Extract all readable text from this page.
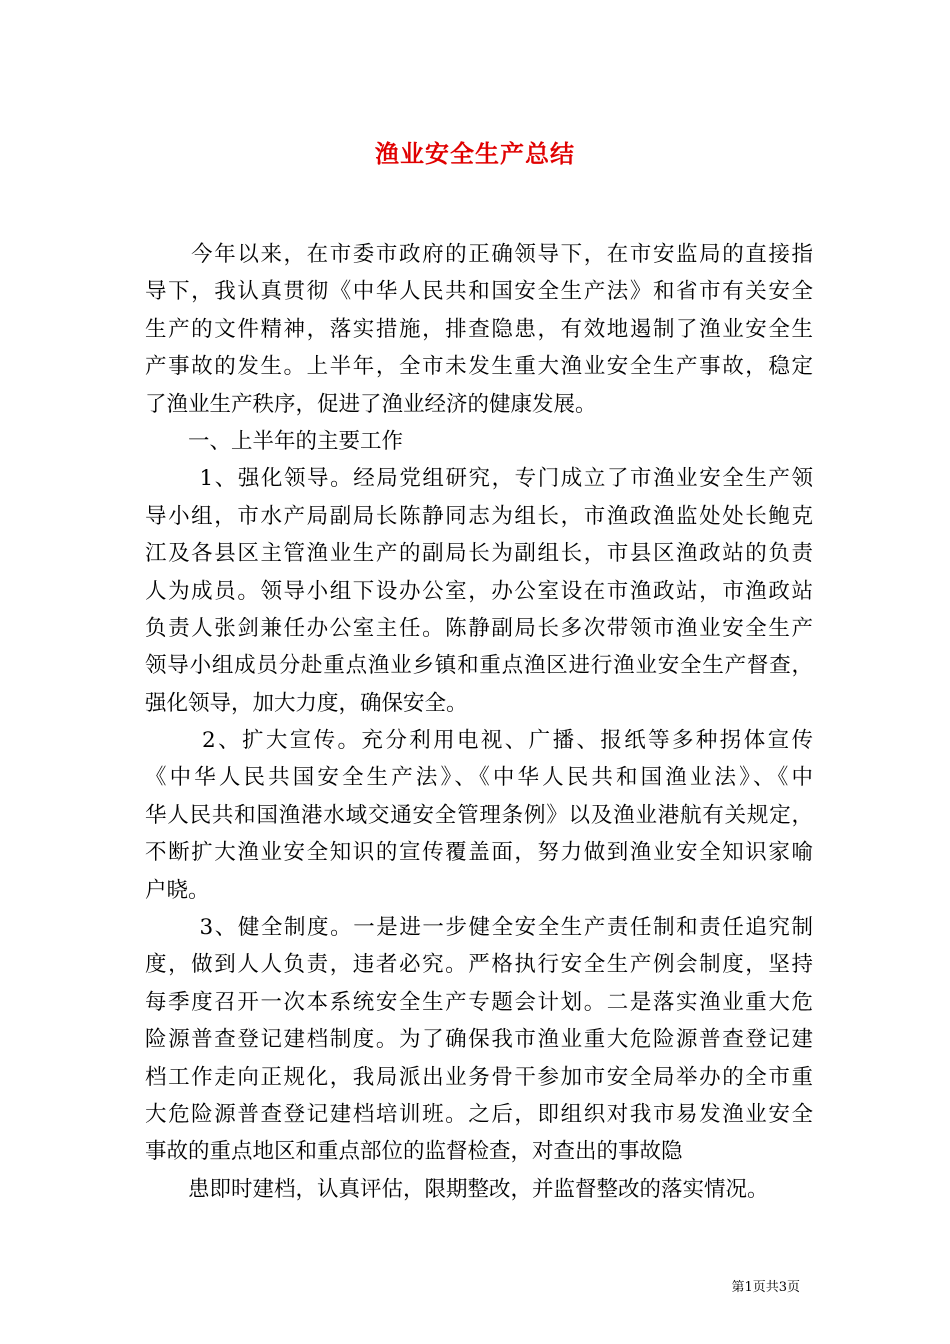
渔业安全生产总结
　　今年以来，在市委市政府的正确领导下，在市安监局的直接指
导下，我认真贯彻《中华人民共和国安全生产法》和省市有关安全
生产的文件精神，落实措施，排查隐患，有效地遏制了渔业安全生
产事故的发生。上半年，全市未发生重大渔业安全生产事故，稳定
了渔业生产秩序，促进了渔业经济的健康发展。
　　一、上半年的主要工作
　　 1、强化领导。经局党组研究，专门成立了市渔业安全生产领
导小组，市水产局副局长陈静同志为组长，市渔政渔监处处长鲍克
江及各县区主管渔业生产的副局长为副组长，市县区渔政站的负责
人为成员。领导小组下设办公室，办公室设在市渔政站，市渔政站
负责人张剑兼任办公室主任。陈静副局长多次带领市渔业安全生产
领导小组成员分赴重点渔业乡镇和重点渔区进行渔业安全生产督查，
强化领导，加大力度，确保安全。
　　 2、扩大宣传。充分利用电视、广播、报纸等多种拐体宣传
《中华人民共国安全生产法》、《中华人民共和国渔业法》、《中
华人民共和国渔港水域交通安全管理条例》以及渔业港航有关规定，
不断扩大渔业安全知识的宣传覆盖面，努力做到渔业安全知识家喻
户晓。
　　 3、健全制度。一是进一步健全安全生产责任制和责任追究制
度，做到人人负责，违者必究。严格执行安全生产例会制度，坚持
每季度召开一次本系统安全生产专题会计划。二是落实渔业重大危
险源普查登记建档制度。为了确保我市渔业重大危险源普查登记建
档工作走向正规化，我局派出业务骨干参加市安全局举办的全市重
大危险源普查登记建档培训班。之后，即组织对我市易发渔业安全
事故的重点地区和重点部位的监督检查，对查出的事故隐
　　患即时建档，认真评估，限期整改，并监督整改的落实情况。
第1页共3页
